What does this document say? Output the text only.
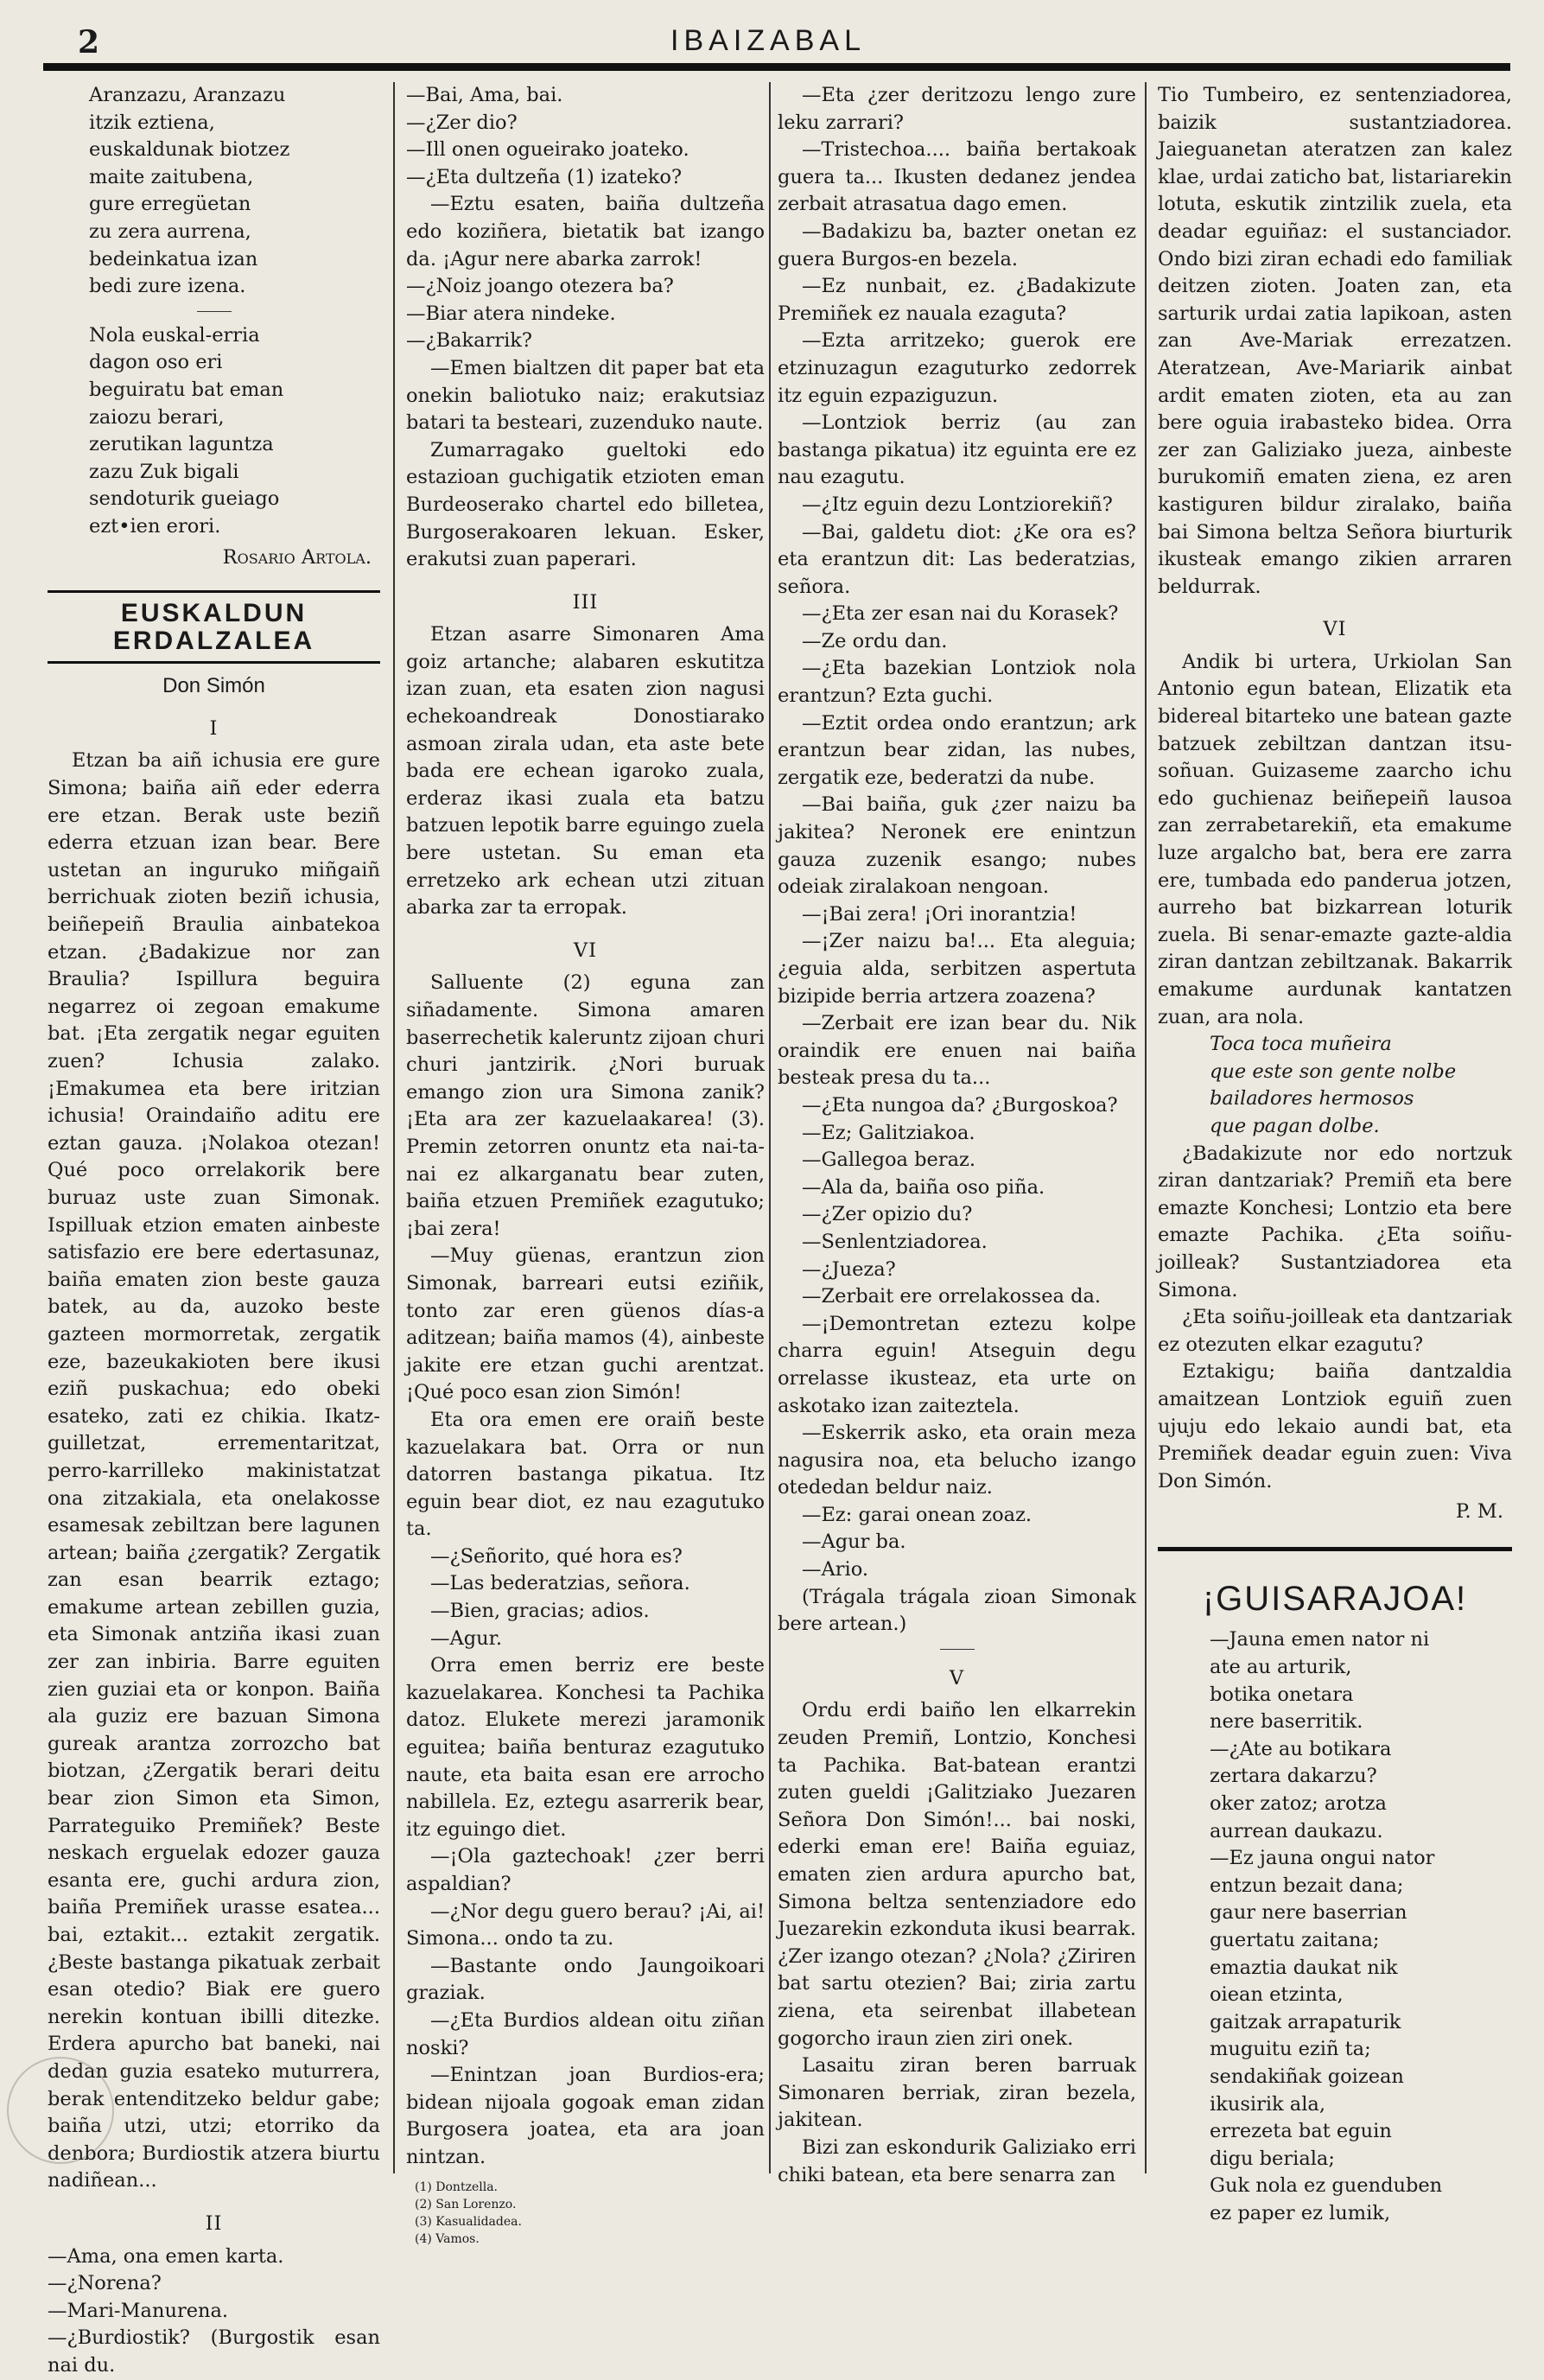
2	IBAIZABAL
Aranzazu, Aranzazu
itzik eztiena,
euskaldunak biotzez
maite zaitubena,
gure erregüetan
zu zera aurrena,
bedeinkatua izan
bedi zure izena.
Nola euskal-erria
dagon oso eri
beguiratu bat eman
zaiozu berari,
zerutikan laguntza
zazu Zuk bigali
sendoturik gueiago
ezt•ien erori.
Rosario Artola.
EUSKALDUN ERDALZALEA
Don Simón
I

Etzan ba aiñ ichusia ere gure Simona; baiña aiñ eder ederra ere etzan. Berak uste beziñ ederra etzuan izan bear. Bere ustetan an inguruko miñgaiñ berrichuak zioten beziñ ichusia, beiñepeiñ Braulia ainbatekoa etzan. ¿Badakizue nor zan Braulia? Ispillura beguira negarrez oi zegoan emakume bat. ¡Eta zergatik negar eguiten zuen? Ichusia zalako. ¡Emakumea eta bere iritzian ichusia! Oraindaiño aditu ere eztan gauza. ¡Nolakoa otezan! Qué poco orrelakorik bere buruaz uste zuan Simonak. Ispilluak etzion ematen ainbeste satisfazio ere bere edertasunaz, baiña ematen zion beste gauza batek, au da, auzoko beste gazteen mormorretak, zergatik eze, bazeukakioten bere ikusi eziñ puskachua; edo obeki esateko, zati ez chikia. Ikatz-guilletzat, errementaritzat, perro-karrilleko makinistatzat ona zitzakiala, eta onelakosse esamesak zebiltzan bere lagunen artean; baiña ¿zergatik? Zergatik zan esan bearrik eztago; emakume artean zebillen guzia, eta Simonak antziña ikasi zuan zer zan inbiria. Barre eguiten zien guziai eta or konpon. Baiña ala guziz ere bazuan Simona gureak arantza zorrozcho bat biotzan, ¿Zergatik berari deitu bear zion Simon eta Simon, Parrateguiko Premiñek? Beste neskach erguelak edozer gauza esanta ere, guchi ardura zion, baiña Premiñek urasse esatea... bai, eztakit... eztakit zergatik. ¿Beste bastanga pikatuak zerbait esan otedio? Biak ere guero nerekin kontuan ibilli ditezke. Erdera apurcho bat baneki, nai dedan guzia esateko muturrera, berak entenditzeko beldur gabe; baiña utzi, utzi; etorriko da denbora; Burdiostik atzera biurtu nadiñean...

II

—Ama, ona emen karta.

—¿Norena?

—Mari-Manurena.

—¿Burdiostik? (Burgostik esan nai du.

—Bai, Ama, bai.

—¿Zer dio?

—Ill onen ogueirako joateko.

—¿Eta dultzeña (1) izateko?

—Eztu esaten, baiña dultzeña edo koziñera, bietatik bat izango da. ¡Agur nere abarka zarrok!

—¿Noiz joango otezera ba?

—Biar atera nindeke.

—¿Bakarrik?

—Emen bialtzen dit paper bat eta onekin baliotuko naiz; erakutsiaz batari ta besteari, zuzenduko naute.

Zumarragako gueltoki edo estazioan guchigatik etzioten eman Burdeoserako chartel edo billetea, Burgoserakoaren lekuan. Esker, erakutsi zuan paperari.

III

Etzan asarre Simonaren Ama goiz artanche; alabaren eskutitza izan zuan, eta esaten zion nagusi echekoandreak Donostiarako asmoan zirala udan, eta aste bete bada ere echean igaroko zuala, erderaz ikasi zuala eta batzu batzuen lepotik barre eguingo zuela bere ustetan. Su eman eta erretzeko ark echean utzi zituan abarka zar ta erropak.

VI

Salluente (2) eguna zan siñadamente. Simona amaren baserrechetik kaleruntz zijoan churi churi jantzirik. ¿Nori buruak emango zion ura Simona zanik? ¡Eta ara zer kazuelaakarea! (3). Premin zetorren onuntz eta nai-ta-nai ez alkarganatu bear zuten, baiña etzuen Premiñek ezagutuko; ¡bai zera!

—Muy güenas, erantzun zion Simonak, barreari eutsi eziñik, tonto zar eren güenos días-a aditzean; baiña mamos (4), ainbeste jakite ere etzan guchi arentzat. ¡Qué poco esan zion Simón!

Eta ora emen ere oraiñ beste kazuelakara bat. Orra or nun datorren bastanga pikatua. Itz eguin bear diot, ez nau ezagutuko ta.

—¿Señorito, qué hora es?

—Las bederatzias, señora.

—Bien, gracias; adios.

—Agur.

Orra emen berriz ere beste kazuelakarea. Konchesi ta Pachika datoz. Elukete merezi jaramonik eguitea; baiña benturaz ezagutuko naute, eta baita esan ere arrocho nabillela. Ez, eztegu asarrerik bear, itz eguingo diet.

—¡Ola gaztechoak! ¿zer berri aspaldian?

—¿Nor degu guero berau? ¡Ai, ai! Simona... ondo ta zu.

—Bastante ondo Jaungoikoari graziak.

—¿Eta Burdios aldean oitu ziñan noski?

—Enintzan joan Burdios-era; bidean nijoala gogoak eman zidan Burgosera joatea, eta ara joan nintzan.

(1) Dontzella.
(2) San Lorenzo.
(3) Kasualidadea.
(4) Vamos.

—Eta ¿zer deritzozu lengo zure leku zarrari?

—Tristechoa.... baiña bertakoak guera ta... Ikusten dedanez jendea zerbait atrasatua dago emen.

—Badakizu ba, bazter onetan ez guera Burgos-en bezela.

—Ez nunbait, ez. ¿Badakizute Premiñek ez nauala ezaguta?

—Ezta arritzeko; guerok ere etzinuzagun ezaguturko zedorrek itz eguin ezpaziguzun.

—Lontziok berriz (au zan bastanga pikatua) itz eguinta ere ez nau ezagutu.

—¿Itz eguin dezu Lontziorekiñ?

—Bai, galdetu diot: ¿Ke ora es? eta erantzun dit: Las bederatzias, señora.

—¿Eta zer esan nai du Korasek?

—Ze ordu dan.

—¿Eta bazekian Lontziok nola erantzun? Ezta guchi.

—Eztit ordea ondo erantzun; ark erantzun bear zidan, las nubes, zergatik eze, bederatzi da nube.

—Bai baiña, guk ¿zer naizu ba jakitea? Neronek ere enintzun gauza zuzenik esango; nubes odeiak ziralakoan nengoan.

—¡Bai zera! ¡Ori inorantzia!

—¡Zer naizu ba!... Eta aleguia; ¿eguia alda, serbitzen aspertuta bizipide berria artzera zoazena?

—Zerbait ere izan bear du. Nik oraindik ere enuen nai baiña besteak presa du ta...

—¿Eta nungoa da? ¿Burgoskoa?

—Ez; Galitziakoa.

—Gallegoa beraz.

—Ala da, baiña oso piña.

—¿Zer opizio du?

—Senlentziadorea.

—¿Jueza?

—Zerbait ere orrelakossea da.

—¡Demontretan eztezu kolpe charra eguin! Atseguin degu orrelasse ikusteaz, eta urte on askotako izan zaiteztela.

—Eskerrik asko, eta orain meza nagusira noa, eta belucho izango otededan beldur naiz.

—Ez: garai onean zoaz.

—Agur ba.

—Ario.

(Trágala trágala zioan Simonak bere artean.)

V

Ordu erdi baiño len elkarrekin zeuden Premiñ, Lontzio, Konchesi ta Pachika. Bat-batean erantzi zuten gueldi ¡Galitziako Juezaren Señora Don Simón!... bai noski, ederki eman ere! Baiña eguiaz, ematen zien ardura apurcho bat, Simona beltza sentenziadore edo Juezarekin ezkonduta ikusi bearrak. ¿Zer izango otezan? ¿Nola? ¿Ziriren bat sartu otezien? Bai; ziria zartu ziena, eta seirenbat illabetean gogorcho iraun zien ziri onek.

Lasaitu ziran beren barruak Simonaren berriak, ziran bezela, jakitean.

Bizi zan eskondurik Galiziako erri chiki batean, eta bere senarra zan

Tio Tumbeiro, ez sentenziadorea, baizik sustantziadorea. Jaieguanetan ateratzen zan kalez klae, urdai zaticho bat, listariarekin lotuta, eskutik zintzilik zuela, eta deadar eguiñaz: el sustanciador. Ondo bizi ziran echadi edo familiak deitzen zioten. Joaten zan, eta sarturik urdai zatia lapikoan, asten zan Ave-Mariak errezatzen. Ateratzean, Ave-Mariarik ainbat ardit ematen zioten, eta au zan bere oguia irabasteko bidea. Orra zer zan Galiziako jueza, ainbeste burukomiñ ematen ziena, ez aren kastiguren bildur ziralako, baiña bai Simona beltza Señora biurturik ikusteak emango zikien arraren beldurrak.

VI

Andik bi urtera, Urkiolan San Antonio egun batean, Elizatik eta bidereal bitarteko une batean gazte batzuek zebiltzan dantzan itsu-soñuan. Guizaseme zaarcho ichu edo guchienaz beiñepeiñ lausoa zan zerrabetarekiñ, eta emakume luze argalcho bat, bera ere zarra ere, tumbada edo panderua jotzen, aurreho bat bizkarrean loturik zuela. Bi senar-emazte gazte-aldia ziran dantzan zebiltzanak. Bakarrik emakume aurdunak kantatzen zuan, ara nola.

Toca toca muñeira
que este son gente nolbe
bailadores hermosos
que pagan dolbe.

¿Badakizute nor edo nortzuk ziran dantzariak? Premiñ eta bere emazte Konchesi; Lontzio eta bere emazte Pachika. ¿Eta soiñu-joilleak? Sustantziadorea eta Simona.

¿Eta soiñu-joilleak eta dantzariak ez otezuten elkar ezagutu?

Eztakigu; baiña dantzaldia amaitzean Lontziok eguiñ zuen ujuju edo lekaio aundi bat, eta Premiñek deadar eguin zuen: Viva Don Simón.

P. M.
¡GUISARAJOA!
—Jauna emen nator ni
ate au arturik,
botika onetara
nere baserritik.
—¿Ate au botikara
zertara dakarzu?
oker zatoz; arotza
aurrean daukazu.
—Ez jauna ongui nator
entzun bezait dana;
gaur nere baserrian
guertatu zaitana;
emaztia daukat nik
oiean etzinta,
gaitzak arrapaturik
muguitu eziñ ta;
sendakiñak goizean
ikusirik ala,
errezeta bat eguin
digu beriala;
Guk nola ez guenduben
ez paper ez lumik,
